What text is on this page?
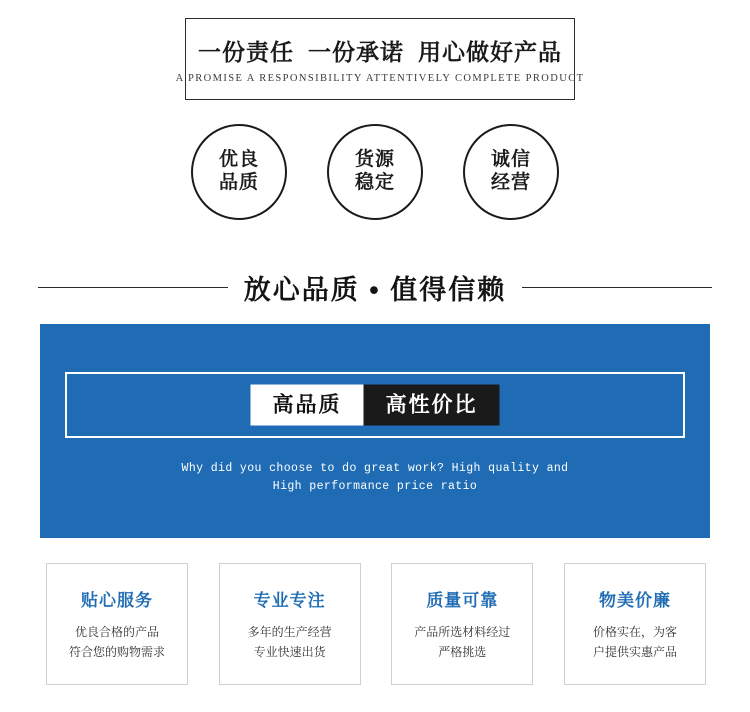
一份责任 一份承诺 用心做好产品
A PROMISE A RESPONSIBILITY ATTENTIVELY COMPLETE PRODUCT
优良
品质
货源
稳定
诚信
经营
放心品质 • 值得信赖
高品质	高性价比
Why did you choose to do great work? High quality and
High performance price ratio
贴心服务
优良合格的产品
符合您的购物需求
专业专注
多年的生产经营
专业快速出货
质量可靠
产品所选材料经过
严格挑选
物美价廉
价格实在，为客
户提供实惠产品
